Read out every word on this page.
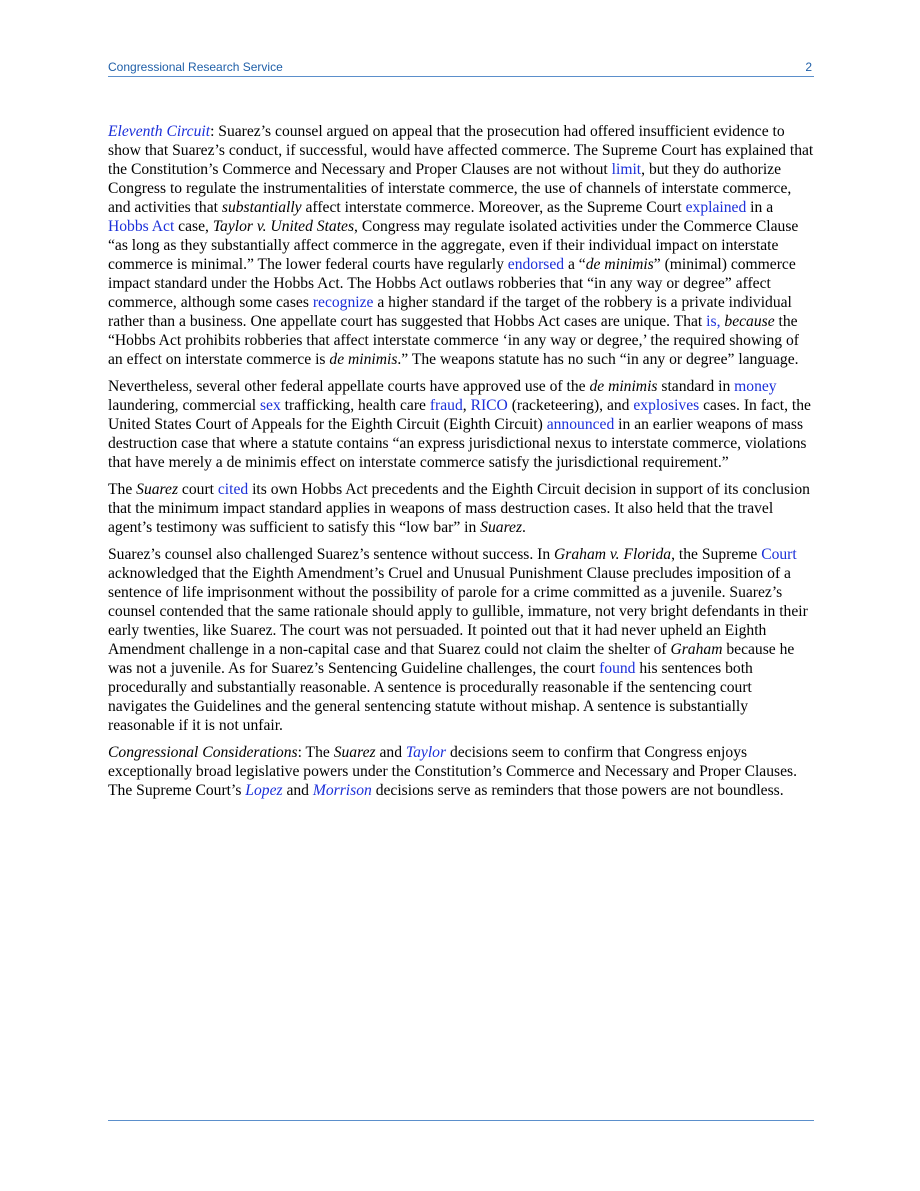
Congressional Research Service	2

Eleventh Circuit: Suarez’s counsel argued on appeal that the prosecution had offered insufficient evidence to show that Suarez’s conduct, if successful, would have affected commerce. The Supreme Court has explained that the Constitution’s Commerce and Necessary and Proper Clauses are not without limit, but they do authorize Congress to regulate the instrumentalities of interstate commerce, the use of channels of interstate commerce, and activities that substantially affect interstate commerce. Moreover, as the Supreme Court explained in a Hobbs Act case, Taylor v. United States, Congress may regulate isolated activities under the Commerce Clause “as long as they substantially affect commerce in the aggregate, even if their individual impact on interstate commerce is minimal.” The lower federal courts have regularly endorsed a “de minimis” (minimal) commerce impact standard under the Hobbs Act. The Hobbs Act outlaws robberies that “in any way or degree” affect commerce, although some cases recognize a higher standard if the target of the robbery is a private individual rather than a business. One appellate court has suggested that Hobbs Act cases are unique. That is, because the “Hobbs Act prohibits robberies that affect interstate commerce ‘in any way or degree,’ the required showing of an effect on interstate commerce is de minimis.” The weapons statute has no such “in any or degree” language.

Nevertheless, several other federal appellate courts have approved use of the de minimis standard in money laundering, commercial sex trafficking, health care fraud, RICO (racketeering), and explosives cases. In fact, the United States Court of Appeals for the Eighth Circuit (Eighth Circuit) announced in an earlier weapons of mass destruction case that where a statute contains “an express jurisdictional nexus to interstate commerce, violations that have merely a de minimis effect on interstate commerce satisfy the jurisdictional requirement.”

The Suarez court cited its own Hobbs Act precedents and the Eighth Circuit decision in support of its conclusion that the minimum impact standard applies in weapons of mass destruction cases. It also held that the travel agent’s testimony was sufficient to satisfy this “low bar” in Suarez.

Suarez’s counsel also challenged Suarez’s sentence without success. In Graham v. Florida, the Supreme Court acknowledged that the Eighth Amendment’s Cruel and Unusual Punishment Clause precludes imposition of a sentence of life imprisonment without the possibility of parole for a crime committed as a juvenile. Suarez’s counsel contended that the same rationale should apply to gullible, immature, not very bright defendants in their early twenties, like Suarez. The court was not persuaded. It pointed out that it had never upheld an Eighth Amendment challenge in a non-capital case and that Suarez could not claim the shelter of Graham because he was not a juvenile. As for Suarez’s Sentencing Guideline challenges, the court found his sentences both procedurally and substantially reasonable. A sentence is procedurally reasonable if the sentencing court navigates the Guidelines and the general sentencing statute without mishap. A sentence is substantially reasonable if it is not unfair.

Congressional Considerations: The Suarez and Taylor decisions seem to confirm that Congress enjoys exceptionally broad legislative powers under the Constitution’s Commerce and Necessary and Proper Clauses. The Supreme Court’s Lopez and Morrison decisions serve as reminders that those powers are not boundless.
